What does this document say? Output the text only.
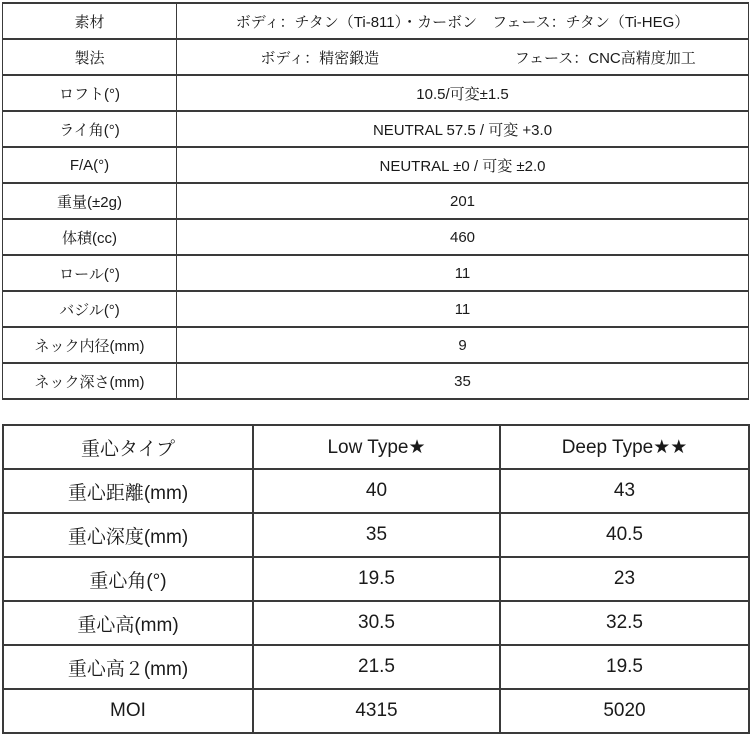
素材	ボディ：チタン（Ti-811）・カーボン　フェース：チタン（Ti-HEG）
製法	ボディ：精密鍛造 フェース：CNC高精度加工

ロフト(°)	10.5/可変±1.5
ライ角(°)	NEUTRAL 57.5 / 可変 +3.0
F/A(°)	NEUTRAL ±0 / 可変 ±2.0
重量(±2g)	201
体積(cc)	460
ロール(°)	11
バジル(°)	11
ネック内径(mm)	9
ネック深さ(mm)	35
重心タイプ	Low Type★	Deep Type★★
重心距離(mm)	40	43
重心深度(mm)	35	40.5
重心角(°)	19.5	23
重心高(mm)	30.5	32.5
重心高２(mm)	21.5	19.5
MOI	4315	5020
